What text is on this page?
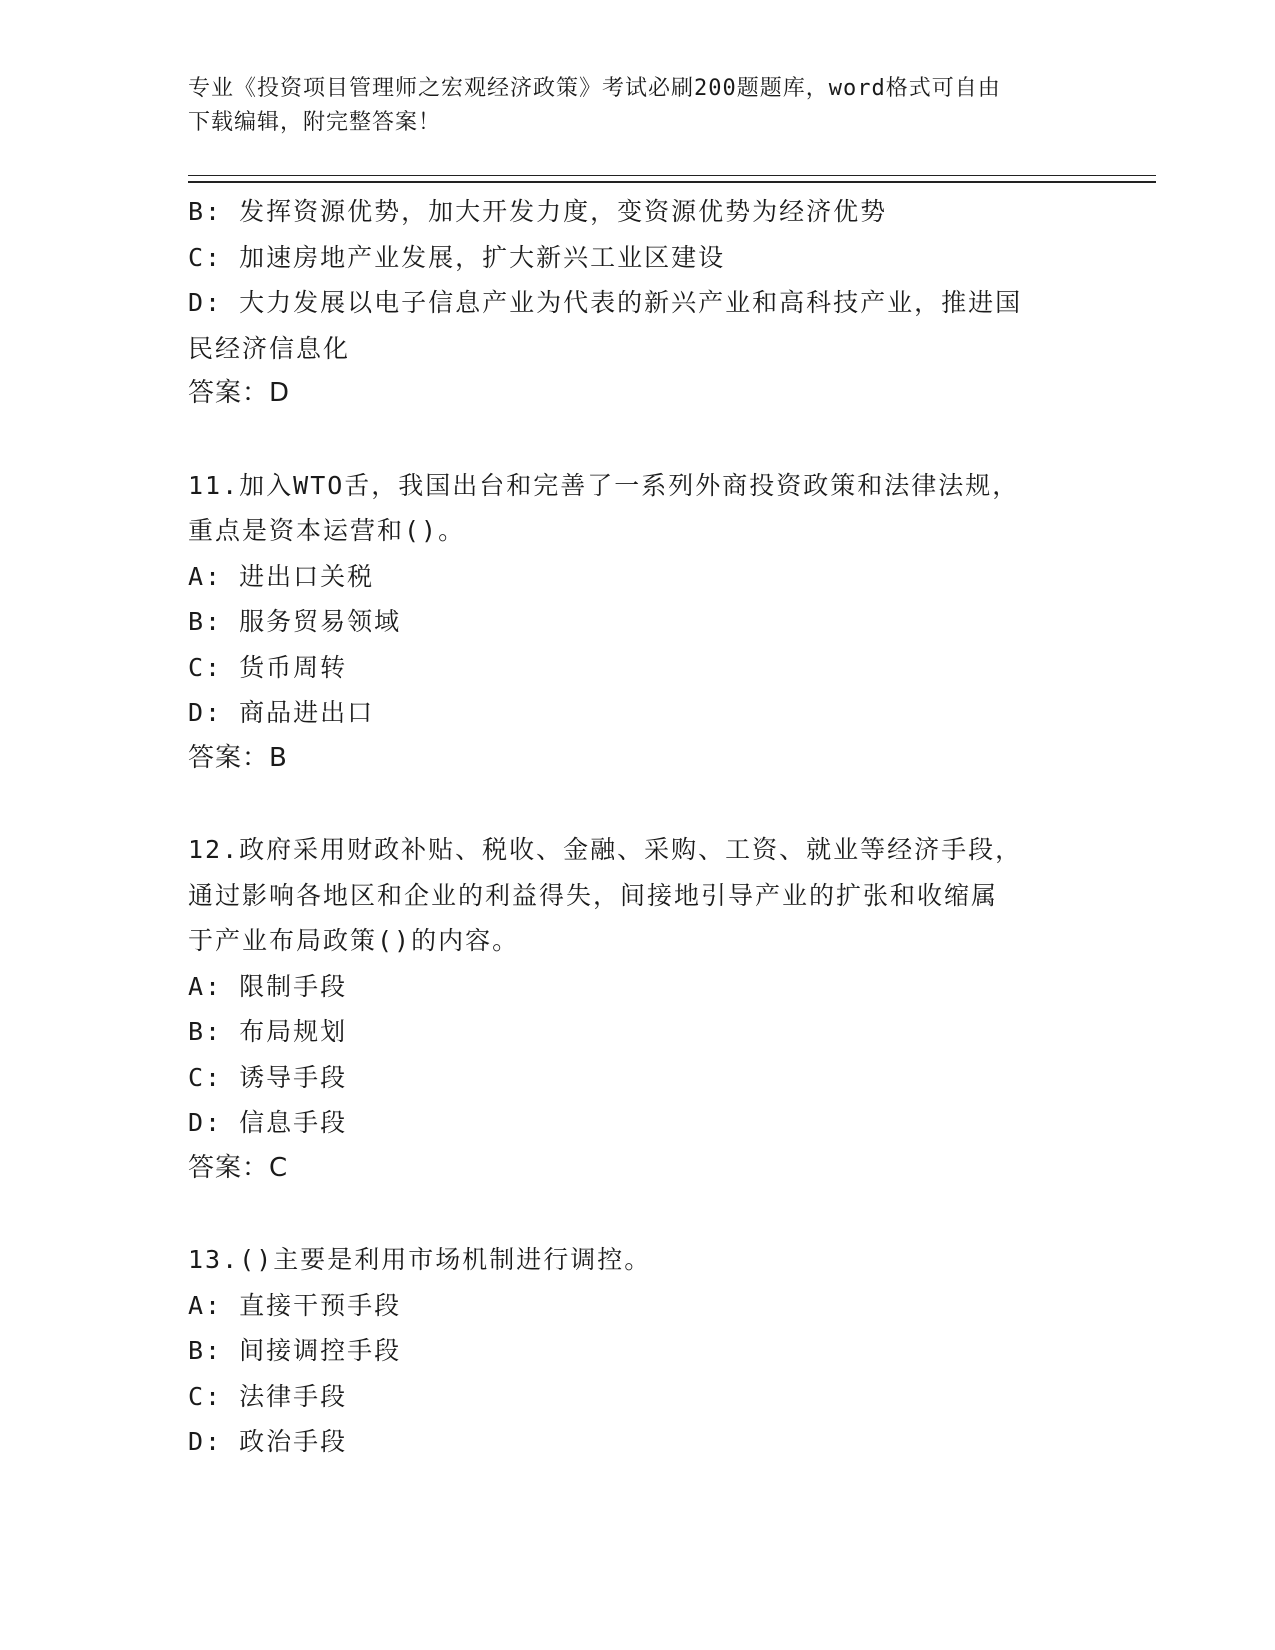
专业《投资项目管理师之宏观经济政策》考试必刷200题题库，word格式可自由
下载编辑，附完整答案！
B: 发挥资源优势，加大开发力度，变资源优势为经济优势
C: 加速房地产业发展，扩大新兴工业区建设
D: 大力发展以电子信息产业为代表的新兴产业和高科技产业，推进国
民经济信息化
答案：D
11.加入WTO舌，我国出台和完善了一系列外商投资政策和法律法规，
重点是资本运营和()。
A: 进出口关税
B: 服务贸易领域
C: 货币周转
D: 商品进出口
答案：B
12.政府采用财政补贴、税收、金融、采购、工资、就业等经济手段，
通过影响各地区和企业的利益得失，间接地引导产业的扩张和收缩属
于产业布局政策()的内容。
A: 限制手段
B: 布局规划
C: 诱导手段
D: 信息手段
答案：C
13.()主要是利用市场机制进行调控。
A: 直接干预手段
B: 间接调控手段
C: 法律手段
D: 政治手段
